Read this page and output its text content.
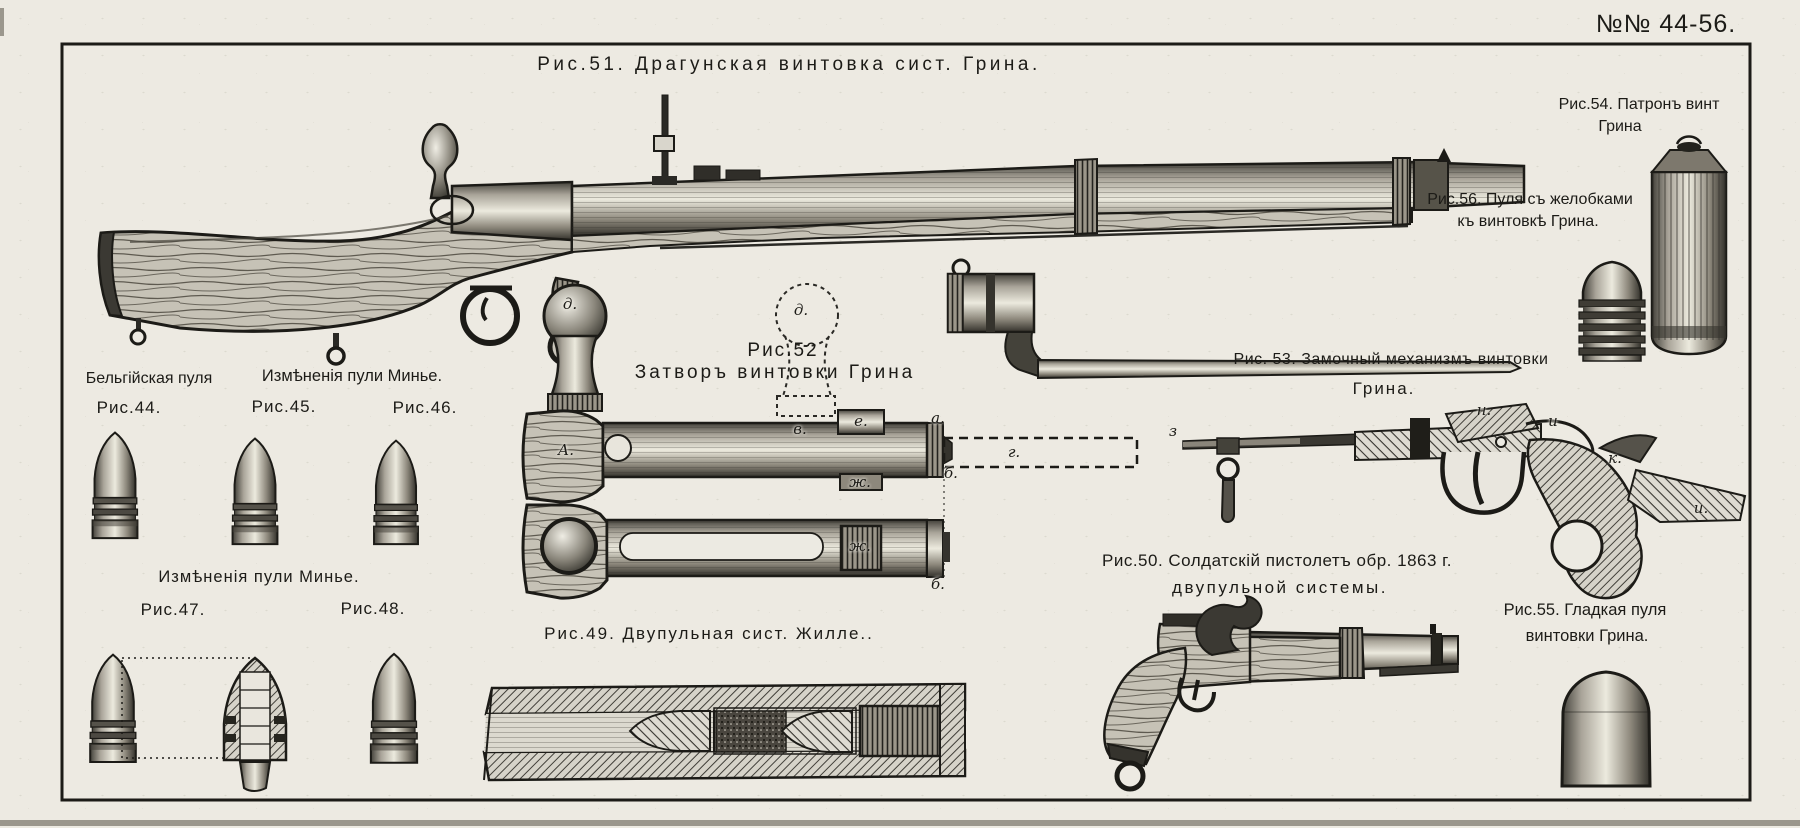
№№ 44-56.
Рис.51. Драгунская винтовка сист. Грина.
Рис.54. Патронъ винт
Грина
Рис.56. Пуля съ желобками
къ винтовкѣ Грина.
Рис.52
Затворъ винтовки Грина
Рис. 53. Замочный механизмъ винтовки
Грина.
Бельгійская пуля
Рис.44.
Измѣненія пули Минье.
Рис.45.	Рис.46.
Измѣненія пули Минье.
Рис.47.	Рис.48.
Рис.49. Двупульная сист. Жилле..
Рис.50. Солдатскій пистолетъ обр. 1863 г.
двупульной системы.
Рис.55. Гладкая пуля
винтовки Грина.
д.	д.
А.
в.	е.
ж.
а.
б.
г.
ж.
б.
з
н.
и
к.
и.
